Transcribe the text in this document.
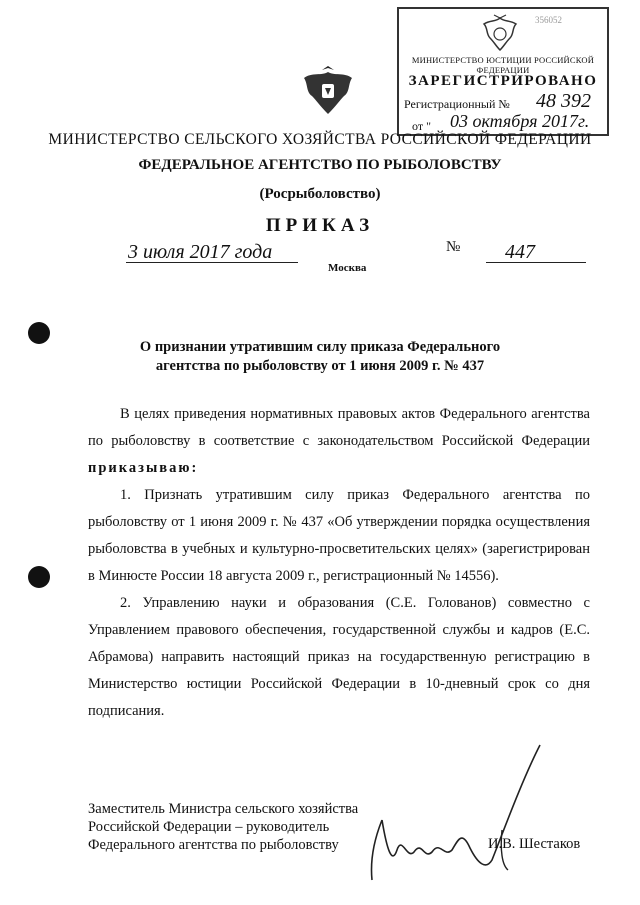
356052
МИНИСТЕРСТВО ЮСТИЦИИ РОССИЙСКОЙ ФЕДЕРАЦИИ
ЗАРЕГИСТРИРОВАНО
Регистрационный № 48 392
от " 03 октября 2017г.
МИНИСТЕРСТВО СЕЛЬСКОГО ХОЗЯЙСТВА РОССИЙСКОЙ ФЕДЕРАЦИИ
ФЕДЕРАЛЬНОЕ АГЕНТСТВО ПО РЫБОЛОВСТВУ
(Росрыболовство)
ПРИКАЗ
3 июля 2017 года	№ 447
Москва
О признании утратившим силу приказа Федерального
агентства по рыболовству от 1 июня 2009 г. № 437

В целях приведения нормативных правовых актов Федерального агентства по рыболовству в соответствие с законодательством Российской Федерации приказываю:

1. Признать утратившим силу приказ Федерального агентства по рыболовству от 1 июня 2009 г. № 437 «Об утверждении порядка осуществления рыболовства в учебных и культурно-просветительских целях» (зарегистрирован в Минюсте России 18 августа 2009 г., регистрационный № 14556).

2. Управлению науки и образования (С.Е. Голованов) совместно с Управлением правового обеспечения, государственной службы и кадров (Е.С. Абрамова) направить настоящий приказ на государственную регистрацию в Министерство юстиции Российской Федерации в 10-дневный срок со дня подписания.

Заместитель Министра сельского хозяйства
Российской Федерации – руководитель
Федерального агентства по рыболовству	И.В. Шестаков
